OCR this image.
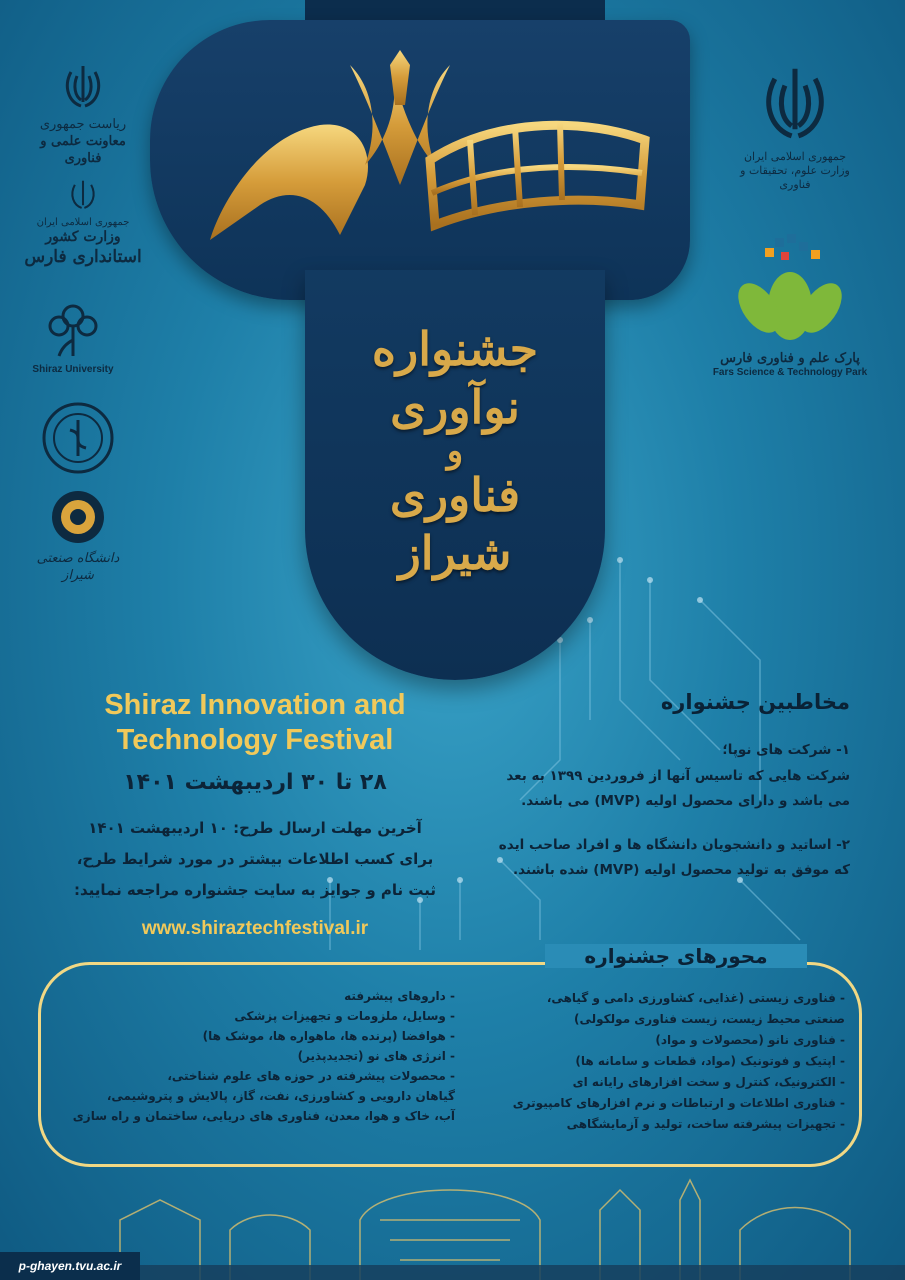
جشنواره
نوآوری
و
فناوری
شیراز
ریاست جمهوری
معاونت علمی و فناوری
جمهوری اسلامی ایران
وزارت کشور
استانداری فارس
Shiraz University
دانشگاه صنعتی شیراز
جمهوری اسلامی ایران
وزارت علوم، تحقیقات و فناوری
پارک علم و فناوری فارس
Fars Science & Technology Park
Shiraz Innovation and
Technology Festival
۲۸ تا ۳۰ اردیبهشت ۱۴۰۱
آخرین مهلت ارسال طرح: ۱۰ اردیبهشت ۱۴۰۱
برای کسب اطلاعات بیشتر در مورد شرایط طرح،
ثبت نام و جوایز به سایت جشنواره مراجعه نمایید:
www.shiraztechfestival.ir
مخاطبین جشنواره
۱- شرکت های نوپا؛
شرکت هایی که تاسیس آنها از فروردین ۱۳۹۹ به بعد
می باشد و دارای محصول اولیه (MVP) می باشند.
۲- اساتید و دانشجویان دانشگاه ها و افراد صاحب ایده
که موفق به تولید محصول اولیه (MVP) شده باشند.
محورهای جشنواره
- فناوری زیستی (غذایی، کشاورزی دامی و گیاهی،
صنعتی محیط زیست، زیست فناوری مولکولی)
- فناوری نانو (محصولات و مواد)
- اپتیک و فوتونیک (مواد، قطعات و سامانه ها)
- الکترونیک، کنترل و سخت افزارهای رایانه ای
- فناوری اطلاعات و ارتباطات و نرم افزارهای کامپیوتری
- تجهیزات پیشرفته ساخت، تولید و آزمایشگاهی
- داروهای پیشرفته
- وسایل، ملزومات و تجهیزات پزشکی
- هوافضا (پرنده ها، ماهواره ها، موشک ها)
- انرژی های نو (تجدیدپذیر)
- محصولات پیشرفته در حوزه های علوم شناختی،
گیاهان دارویی و کشاورزی، نفت، گاز، پالایش و پتروشیمی،
آب، خاک و هوا، معدن، فناوری های دریایی، ساختمان و راه سازی
p-ghayen.tvu.ac.ir
